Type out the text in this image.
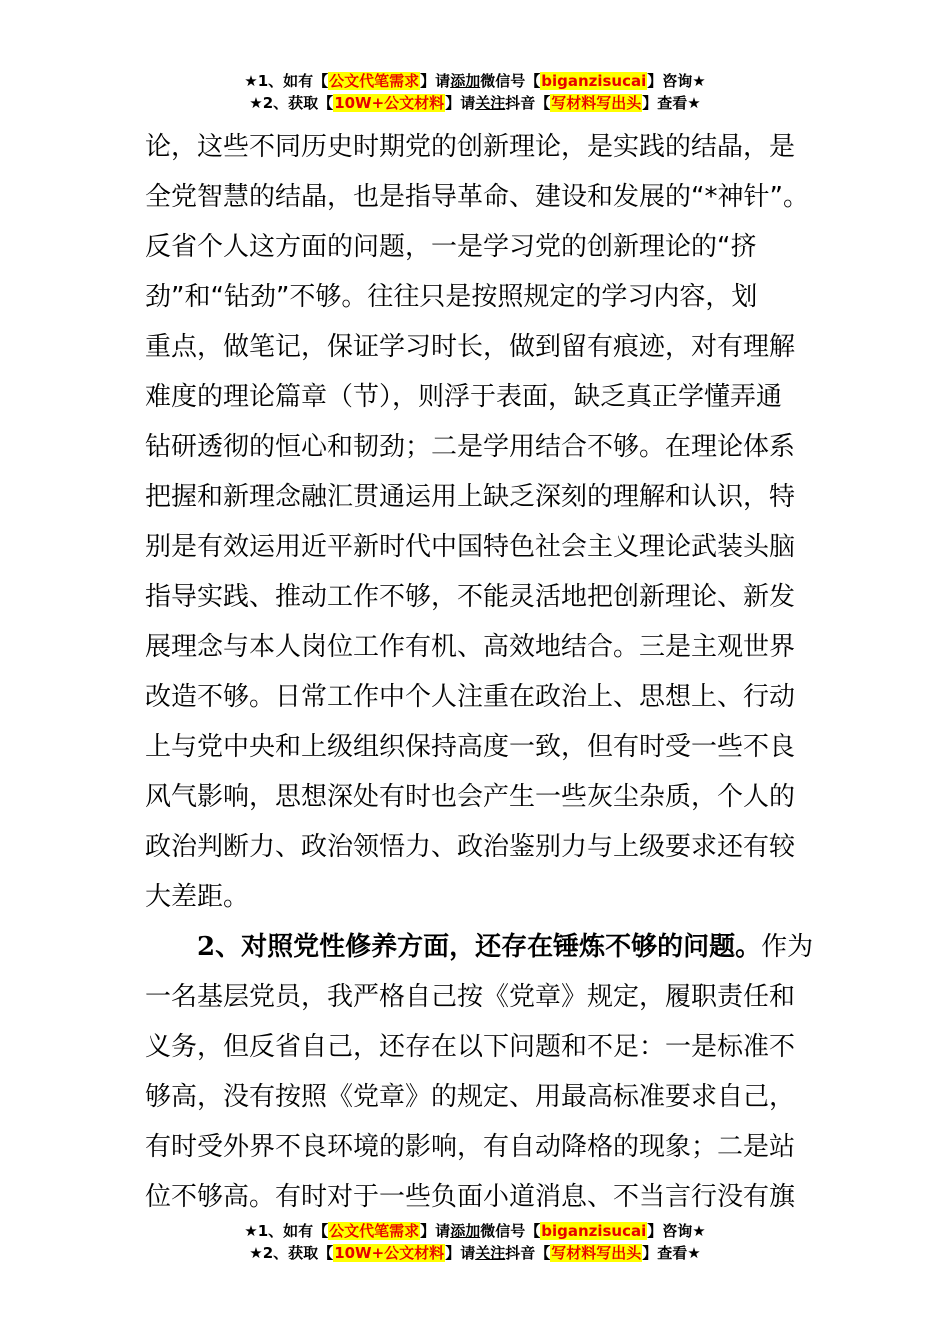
★1、如有【公文代笔需求】请添加微信号【biganzisucai】咨询★
★2、获取【10W+公文材料】请关注抖音【写材料写出头】查看★
论，这些不同历史时期党的创新理论，是实践的结晶，是
全党智慧的结晶，也是指导革命、建设和发展的“*神针”。
反省个人这方面的问题，一是学习党的创新理论的“挤
劲”和“钻劲”不够。往往只是按照规定的学习内容，划
重点，做笔记，保证学习时长，做到留有痕迹，对有理解
难度的理论篇章（节），则浮于表面，缺乏真正学懂弄通
钻研透彻的恒心和韧劲；二是学用结合不够。在理论体系
把握和新理念融汇贯通运用上缺乏深刻的理解和认识，特
别是有效运用近平新时代中国特色社会主义理论武装头脑
指导实践、推动工作不够，不能灵活地把创新理论、新发
展理念与本人岗位工作有机、高效地结合。三是主观世界
改造不够。日常工作中个人注重在政治上、思想上、行动
上与党中央和上级组织保持高度一致，但有时受一些不良
风气影响，思想深处有时也会产生一些灰尘杂质，个人的
政治判断力、政治领悟力、政治鉴别力与上级要求还有较
大差距。
2、对照党性修养方面，还存在锤炼不够的问题。作为
一名基层党员，我严格自己按《党章》规定，履职责任和
义务，但反省自己，还存在以下问题和不足：一是标准不
够高，没有按照《党章》的规定、用最高标准要求自己，
有时受外界不良环境的影响，有自动降格的现象；二是站
位不够高。有时对于一些负面小道消息、不当言行没有旗
★1、如有【公文代笔需求】请添加微信号【biganzisucai】咨询★
★2、获取【10W+公文材料】请关注抖音【写材料写出头】查看★
